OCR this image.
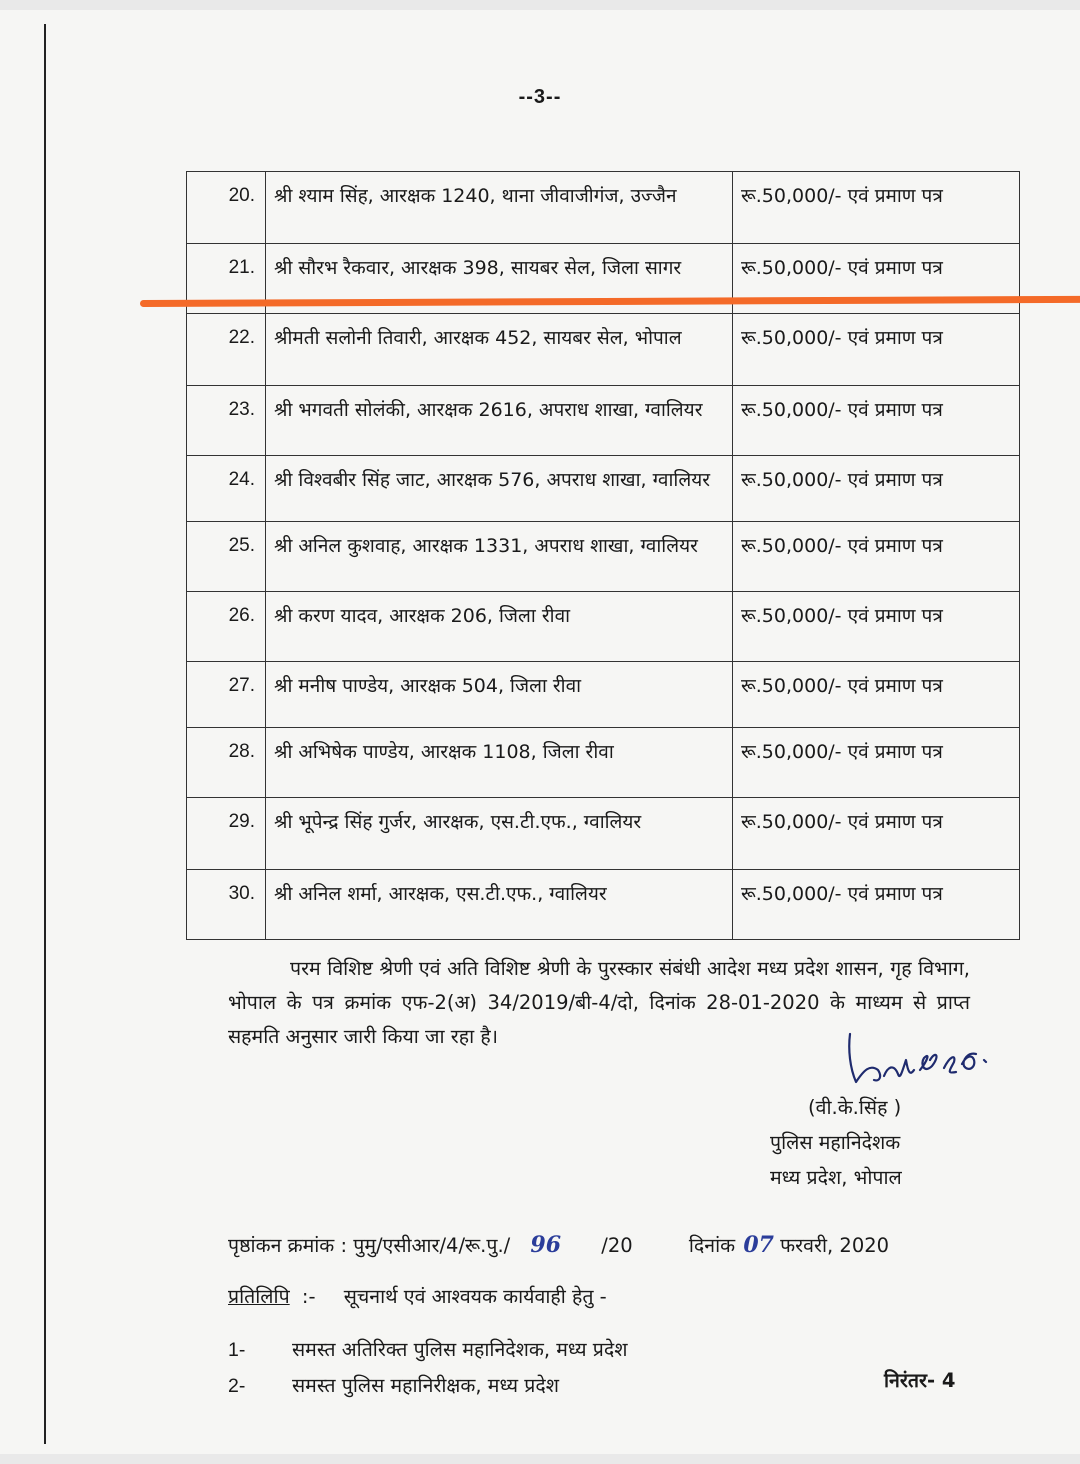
--3--
20.	श्री श्याम सिंह, आरक्षक 1240, थाना जीवाजीगंज, उज्जैन	रू.50,000/- एवं प्रमाण पत्र
21.	श्री सौरभ रैकवार, आरक्षक 398, सायबर सेल, जिला सागर	रू.50,000/- एवं प्रमाण पत्र
22.	श्रीमती सलोनी तिवारी, आरक्षक 452, सायबर सेल, भोपाल	रू.50,000/- एवं प्रमाण पत्र
23.	श्री भगवती सोलंकी, आरक्षक 2616, अपराध शाखा, ग्वालियर	रू.50,000/- एवं प्रमाण पत्र
24.	श्री विश्वबीर सिंह जाट, आरक्षक 576, अपराध शाखा, ग्वालियर	रू.50,000/- एवं प्रमाण पत्र
25.	श्री अनिल कुशवाह, आरक्षक 1331, अपराध शाखा, ग्वालियर	रू.50,000/- एवं प्रमाण पत्र
26.	श्री करण यादव, आरक्षक 206, जिला रीवा	रू.50,000/- एवं प्रमाण पत्र
27.	श्री मनीष पाण्डेय, आरक्षक 504, जिला रीवा	रू.50,000/- एवं प्रमाण पत्र
28.	श्री अभिषेक पाण्डेय, आरक्षक 1108, जिला रीवा	रू.50,000/- एवं प्रमाण पत्र
29.	श्री भूपेन्द्र सिंह गुर्जर, आरक्षक, एस.टी.एफ., ग्वालियर	रू.50,000/- एवं प्रमाण पत्र
30.	श्री अनिल शर्मा, आरक्षक, एस.टी.एफ., ग्वालियर	रू.50,000/- एवं प्रमाण पत्र
परम विशिष्ट श्रेणी एवं अति विशिष्ट श्रेणी के पुरस्कार संबंधी आदेश मध्य प्रदेश शासन, गृह विभाग, भोपाल के पत्र क्रमांक एफ-2(अ) 34/2019/बी-4/दो, दिनांक 28-01-2020 के माध्यम से प्राप्त सहमति अनुसार जारी किया जा रहा है।
(वी.के.सिंह )
पुलिस महानिदेशक
मध्य प्रदेश, भोपाल
पृष्ठांकन क्रमांक : पुमु/एसीआर/4/रू.पु./ 96 /20	दिनांक 07 फरवरी, 2020
प्रतिलिपि :- सूचनार्थ एवं आश्वयक कार्यवाही हेतु -
1- समस्त अतिरिक्त पुलिस महानिदेशक, मध्य प्रदेश
2- समस्त पुलिस महानिरीक्षक, मध्य प्रदेश	निरंतर- 4
